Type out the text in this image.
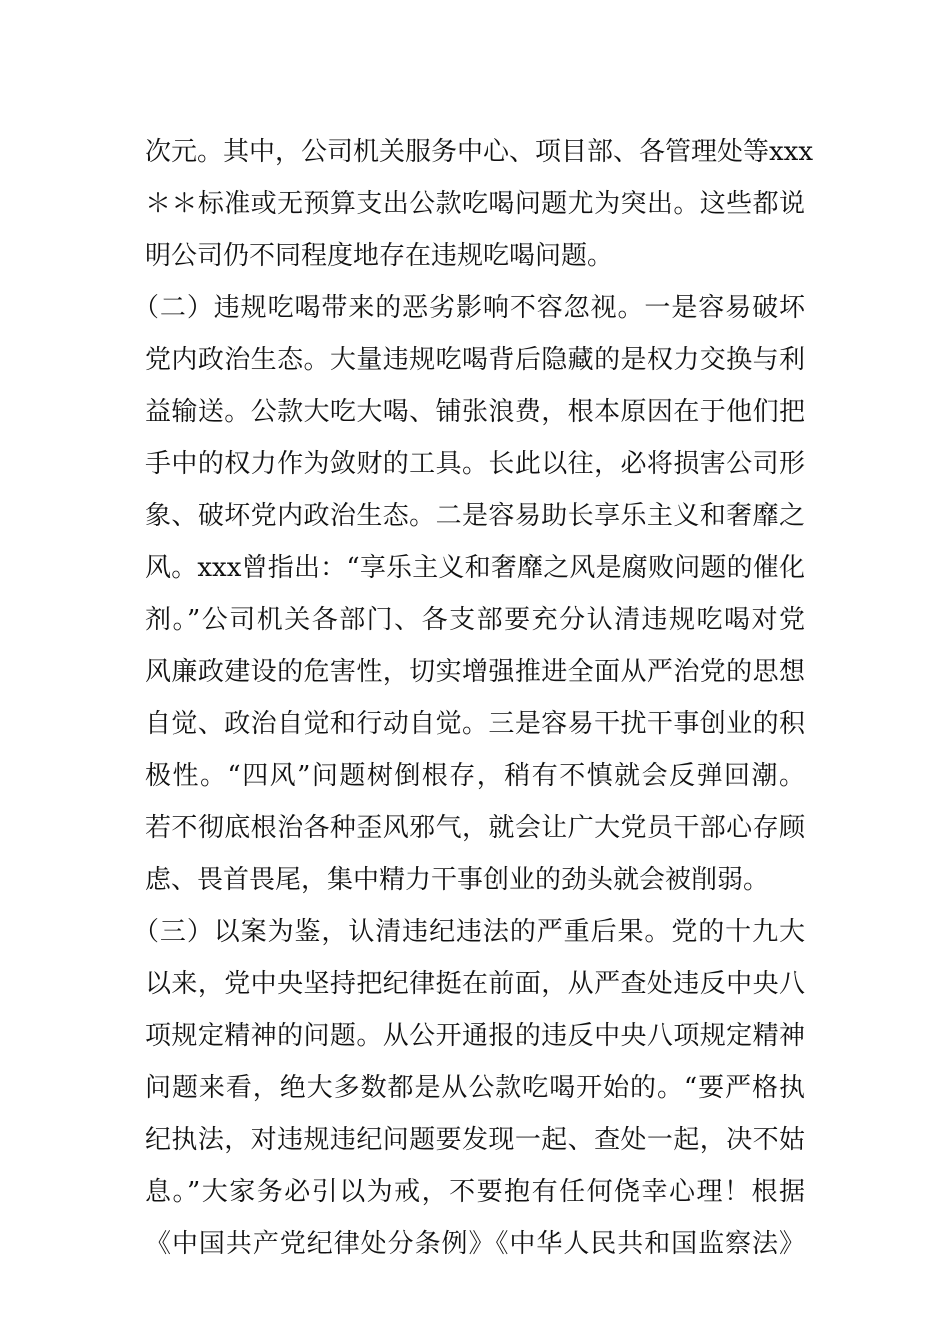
次元。其中，公司机关服务中心、项目部、各管理处等xxx
＊＊标准或无预算支出公款吃喝问题尤为突出。这些都说
明公司仍不同程度地存在违规吃喝问题。
（二）违规吃喝带来的恶劣影响不容忽视。一是容易破坏
党内政治生态。大量违规吃喝背后隐藏的是权力交换与利
益输送。公款大吃大喝、铺张浪费，根本原因在于他们把
手中的权力作为敛财的工具。长此以往，必将损害公司形
象、破坏党内政治生态。二是容易助长享乐主义和奢靡之
风。xxx曾指出：“享乐主义和奢靡之风是腐败问题的催化
剂。”公司机关各部门、各支部要充分认清违规吃喝对党
风廉政建设的危害性，切实增强推进全面从严治党的思想
自觉、政治自觉和行动自觉。三是容易干扰干事创业的积
极性。“四风”问题树倒根存，稍有不慎就会反弹回潮。
若不彻底根治各种歪风邪气，就会让广大党员干部心存顾
虑、畏首畏尾，集中精力干事创业的劲头就会被削弱。
（三）以案为鉴，认清违纪违法的严重后果。党的十九大
以来，党中央坚持把纪律挺在前面，从严查处违反中央八
项规定精神的问题。从公开通报的违反中央八项规定精神
问题来看，绝大多数都是从公款吃喝开始的。“要严格执
纪执法，对违规违纪问题要发现一起、查处一起，决不姑
息。”大家务必引以为戒，不要抱有任何侥幸心理！根据
《中国共产党纪律处分条例》《中华人民共和国监察法》
